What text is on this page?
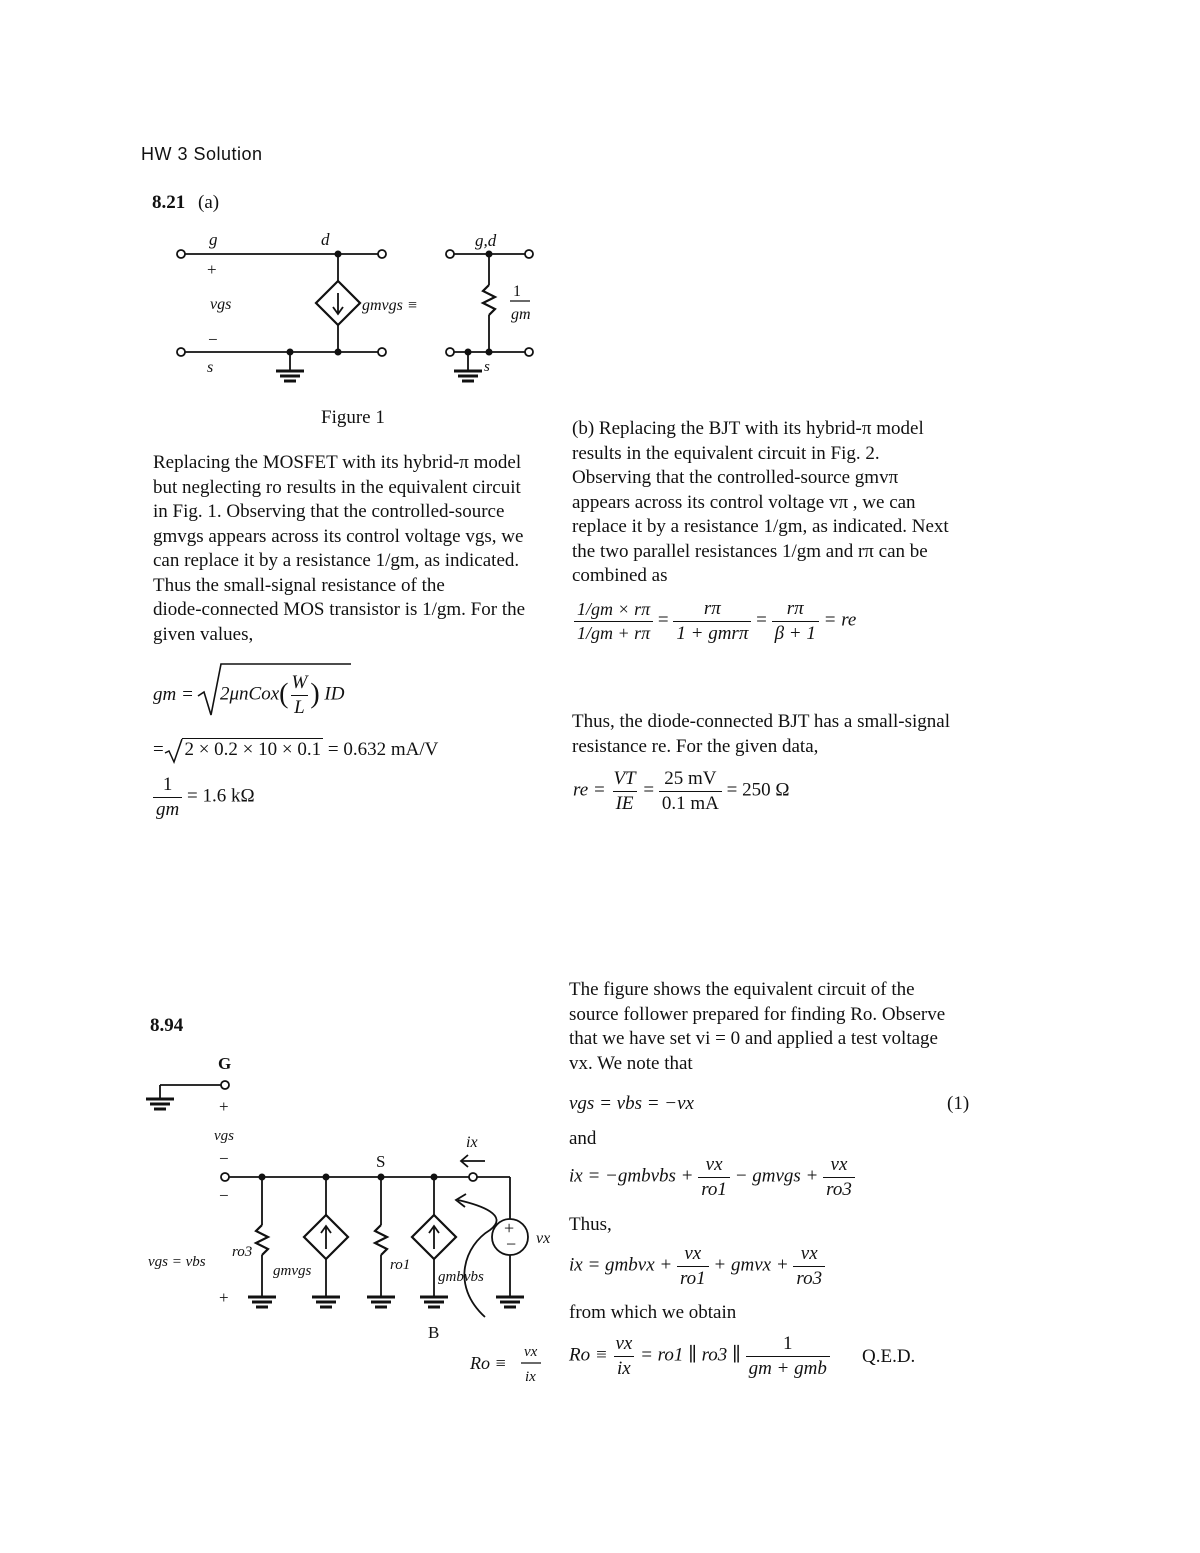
HW 3 Solution
8.21 (a)
g	d
+
vgs
−
s
gmvgs ≡
g,d
1
gm
s
Figure 1
Replacing the MOSFET with its hybrid-π model
but neglecting ro results in the equivalent circuit
in Fig. 1. Observing that the controlled-source
gmvgs appears across its control voltage vgs, we
can replace it by a resistance 1/gm, as indicated.
Thus the small-signal resistance of the
diode-connected MOS transistor is 1/gm. For the
given values,
gm = 2μnCox( $\frac{W}{L}$ ) ID
= 2 × 0.2 × 10 × 0.1 = 0.632 mA/V
$\frac{1}{gm} = 1.6$ kΩ
(b) Replacing the BJT with its hybrid-π model
results in the equivalent circuit in Fig. 2.
Observing that the controlled-source gmvπ
appears across its control voltage vπ , we can
replace it by a resistance 1/gm, as indicated. Next
the two parallel resistances 1/gm and rπ can be
combined as
$\frac{1/gm \times r\pi}{1/gm + r\pi} = \frac{r\pi}{\text{1 + gmrπ}} = \frac{r\pi}{\beta + 1}$ = re
Thus, the diode-connected BJT has a small-signal
resistance re. For the given data,
re = $\frac{VT}{IE} = \frac{25 mV}{0.1 mA} = 250$ Ω
8.94
+
−
G
+
vgs
−
−
S
ix
vx
ro3
gmvgs	ro1
gmbvbs
vgs = vbs
+
B
Ro ≡
vx
ix
The figure shows the equivalent circuit of the
source follower prepared for finding Ro. Observe
that we have set vi = 0 and applied a test voltage
vx. We note that
vgs = vbs = −vx	(1)
and
ix = −gmbvbs + $\frac{vx}{ro1}$ − gmvgs + $\frac{vx}{ro3}$
Thus,
ix = gmbvx + $\frac{vx}{ro1}$ + gmvx + $\frac{vx}{ro3}$
from which we obtain
$Ro \equiv \frac{vx}{ix} = ro1$ ∥ ro3 ∥ $\frac{1}{\text{gm + gmb}} Q.E.D$.
